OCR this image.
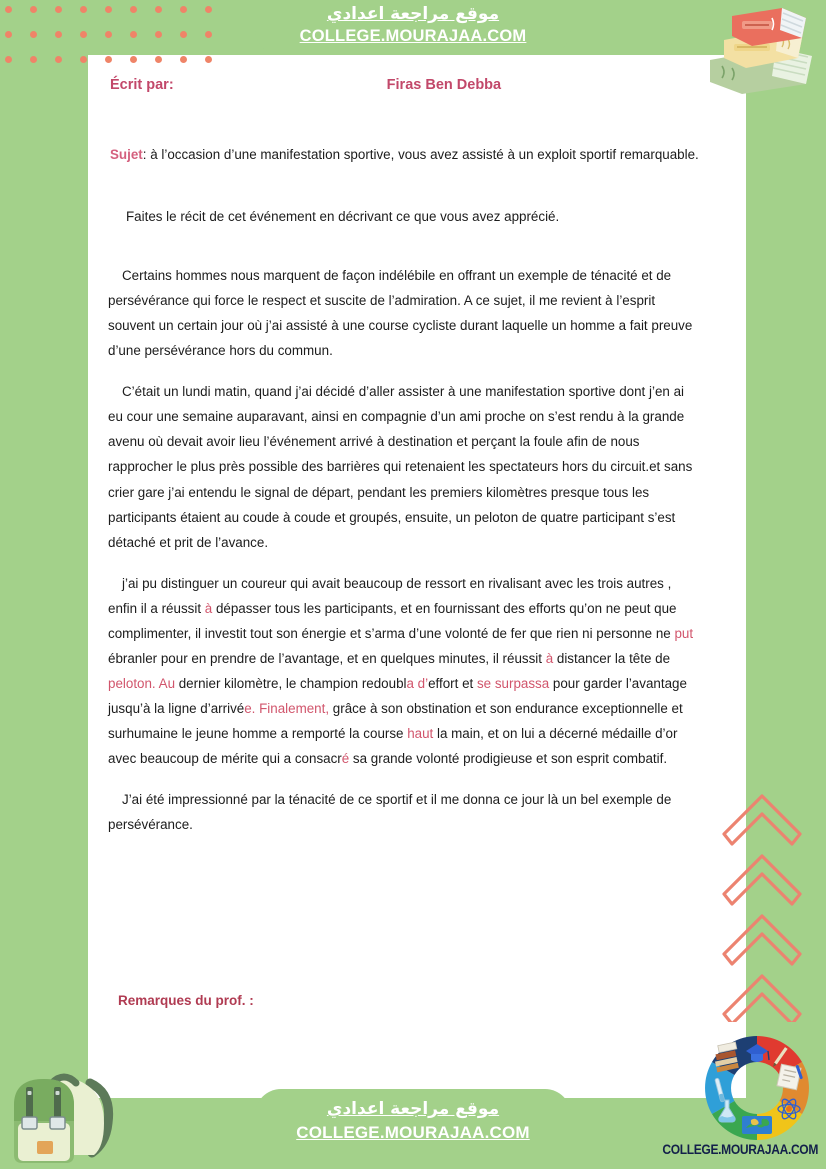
موقع مراجعة اعدادي
COLLEGE.MOURAJAA.COM
Écrit par:	Firas Ben Debba
Sujet: à l’occasion d’une manifestation sportive, vous avez assisté à un exploit sportif remarquable.
Faites le récit de cet événement en décrivant ce que vous avez apprécié.

Certains hommes nous marquent de façon indélébile en offrant un exemple de ténacité et de persévérance qui force le respect et suscite de l’admiration. A ce sujet, il me revient à l’esprit souvent un certain jour où j’ai assisté à une course cycliste durant laquelle un homme a fait preuve d’une persévérance hors du commun.

C’était un lundi matin, quand j’ai décidé d’aller assister à une manifestation sportive dont j’en ai eu cour une semaine auparavant, ainsi en compagnie d’un ami proche on s’est rendu à la grande avenu où devait avoir lieu l’événement arrivé à destination et perçant la foule afin de nous rapprocher le plus près possible des barrières qui retenaient les spectateurs hors du circuit.et sans crier gare j’ai entendu le signal de départ, pendant les premiers kilomètres presque tous les participants étaient au coude à coude et groupés, ensuite, un peloton de quatre participant s’est détaché et prit de l’avance.

j’ai pu distinguer un coureur qui avait beaucoup de ressort en rivalisant avec les trois autres , enfin il a réussit à dépasser tous les participants, et en fournissant des efforts qu’on ne peut que complimenter, il investit tout son énergie et s’arma d’une volonté de fer que rien ni personne ne put ébranler pour en prendre de l’avantage, et en quelques minutes, il réussit à distancer la tête de peloton. Au dernier kilomètre, le champion redoubla d’effort et se surpassa pour garder l’avantage jusqu’à la ligne d’arrivée. Finalement, grâce à son obstination et son endurance exceptionnelle et surhumaine le jeune homme a remporté la course haut la main, et on lui a décerné médaille d’or avec beaucoup de mérite qui a consacré sa grande volonté prodigieuse et son esprit combatif.

J’ai été impressionné par la ténacité de ce sportif et il me donna ce jour là un bel exemple de persévérance.

Remarques du prof. :
موقع مراجعة اعدادي
COLLEGE.MOURAJAA.COM
COLLEGE.MOURAJAA.COM
